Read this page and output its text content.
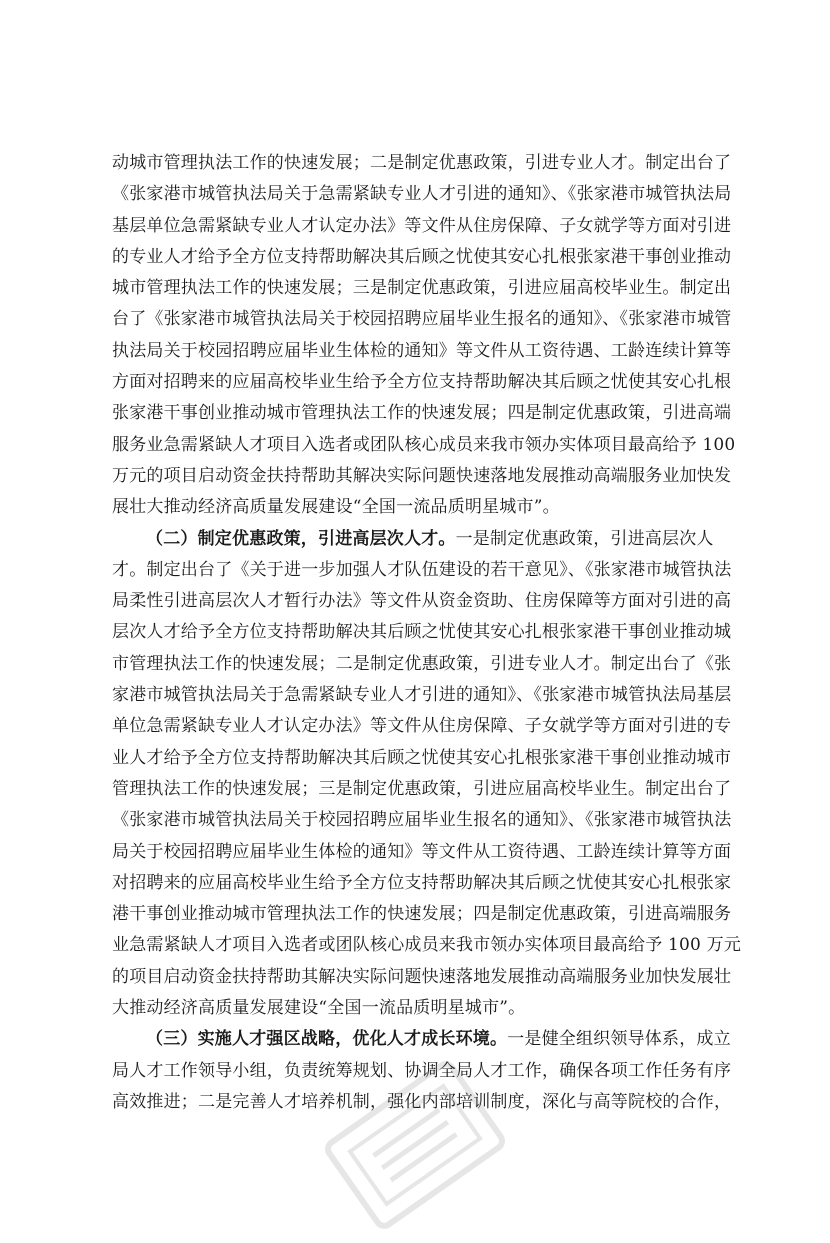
动城市管理执法工作的快速发展；二是制定优惠政策，引进专业人才。制定出台了
《张家港市城管执法局关于急需紧缺专业人才引进的通知》、《张家港市城管执法局
基层单位急需紧缺专业人才认定办法》等文件从住房保障、子女就学等方面对引进
的专业人才给予全方位支持帮助解决其后顾之忧使其安心扎根张家港干事创业推动
城市管理执法工作的快速发展；三是制定优惠政策，引进应届高校毕业生。制定出
台了《张家港市城管执法局关于校园招聘应届毕业生报名的通知》、《张家港市城管
执法局关于校园招聘应届毕业生体检的通知》等文件从工资待遇、工龄连续计算等
方面对招聘来的应届高校毕业生给予全方位支持帮助解决其后顾之忧使其安心扎根
张家港干事创业推动城市管理执法工作的快速发展；四是制定优惠政策，引进高端
服务业急需紧缺人才项目入选者或团队核心成员来我市领办实体项目最高给予 100
万元的项目启动资金扶持帮助其解决实际问题快速落地发展推动高端服务业加快发
展壮大推动经济高质量发展建设“全国一流品质明星城市”。
（二）制定优惠政策，引进高层次人才。一是制定优惠政策，引进高层次人
才。制定出台了《关于进一步加强人才队伍建设的若干意见》、《张家港市城管执法
局柔性引进高层次人才暂行办法》等文件从资金资助、住房保障等方面对引进的高
层次人才给予全方位支持帮助解决其后顾之忧使其安心扎根张家港干事创业推动城
市管理执法工作的快速发展；二是制定优惠政策，引进专业人才。制定出台了《张
家港市城管执法局关于急需紧缺专业人才引进的通知》、《张家港市城管执法局基层
单位急需紧缺专业人才认定办法》等文件从住房保障、子女就学等方面对引进的专
业人才给予全方位支持帮助解决其后顾之忧使其安心扎根张家港干事创业推动城市
管理执法工作的快速发展；三是制定优惠政策，引进应届高校毕业生。制定出台了
《张家港市城管执法局关于校园招聘应届毕业生报名的通知》、《张家港市城管执法
局关于校园招聘应届毕业生体检的通知》等文件从工资待遇、工龄连续计算等方面
对招聘来的应届高校毕业生给予全方位支持帮助解决其后顾之忧使其安心扎根张家
港干事创业推动城市管理执法工作的快速发展；四是制定优惠政策，引进高端服务
业急需紧缺人才项目入选者或团队核心成员来我市领办实体项目最高给予 100 万元
的项目启动资金扶持帮助其解决实际问题快速落地发展推动高端服务业加快发展壮
大推动经济高质量发展建设“全国一流品质明星城市”。
（三）实施人才强区战略，优化人才成长环境。一是健全组织领导体系，成立
局人才工作领导小组，负责统筹规划、协调全局人才工作，确保各项工作任务有序
高效推进；二是完善人才培养机制，强化内部培训制度，深化与高等院校的合作，
